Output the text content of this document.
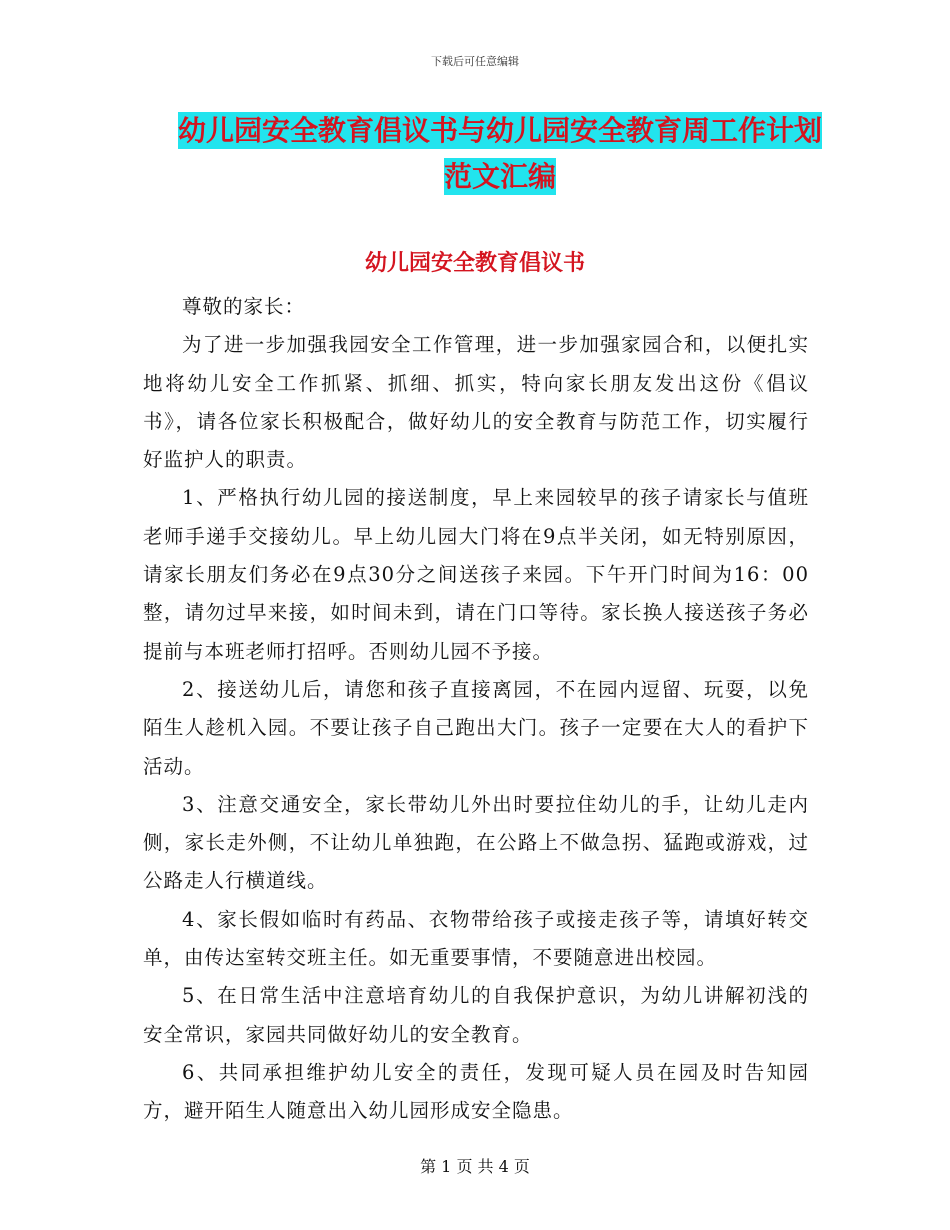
下载后可任意编辑
幼儿园安全教育倡议书与幼儿园安全教育周工作计划
范文汇编
幼儿园安全教育倡议书

尊敬的家长：

为了进一步加强我园安全工作管理，进一步加强家园合和，以便扎实地将幼儿安全工作抓紧、抓细、抓实，特向家长朋友发出这份《倡议书》，请各位家长积极配合，做好幼儿的安全教育与防范工作，切实履行好监护人的职责。

1、严格执行幼儿园的接送制度，早上来园较早的孩子请家长与值班老师手递手交接幼儿。早上幼儿园大门将在9点半关闭，如无特别原因，请家长朋友们务必在9点30分之间送孩子来园。下午开门时间为16：00整，请勿过早来接，如时间未到，请在门口等待。家长换人接送孩子务必提前与本班老师打招呼。否则幼儿园不予接。

2、接送幼儿后，请您和孩子直接离园，不在园内逗留、玩耍，以免陌生人趁机入园。不要让孩子自己跑出大门。孩子一定要在大人的看护下活动。

3、注意交通安全，家长带幼儿外出时要拉住幼儿的手，让幼儿走内侧，家长走外侧，不让幼儿单独跑，在公路上不做急拐、猛跑或游戏，过公路走人行横道线。

4、家长假如临时有药品、衣物带给孩子或接走孩子等，请填好转交单，由传达室转交班主任。如无重要事情，不要随意进出校园。

5、在日常生活中注意培育幼儿的自我保护意识，为幼儿讲解初浅的安全常识，家园共同做好幼儿的安全教育。

6、共同承担维护幼儿安全的责任，发现可疑人员在园及时告知园方，避开陌生人随意出入幼儿园形成安全隐患。

第 1 页 共 4 页
